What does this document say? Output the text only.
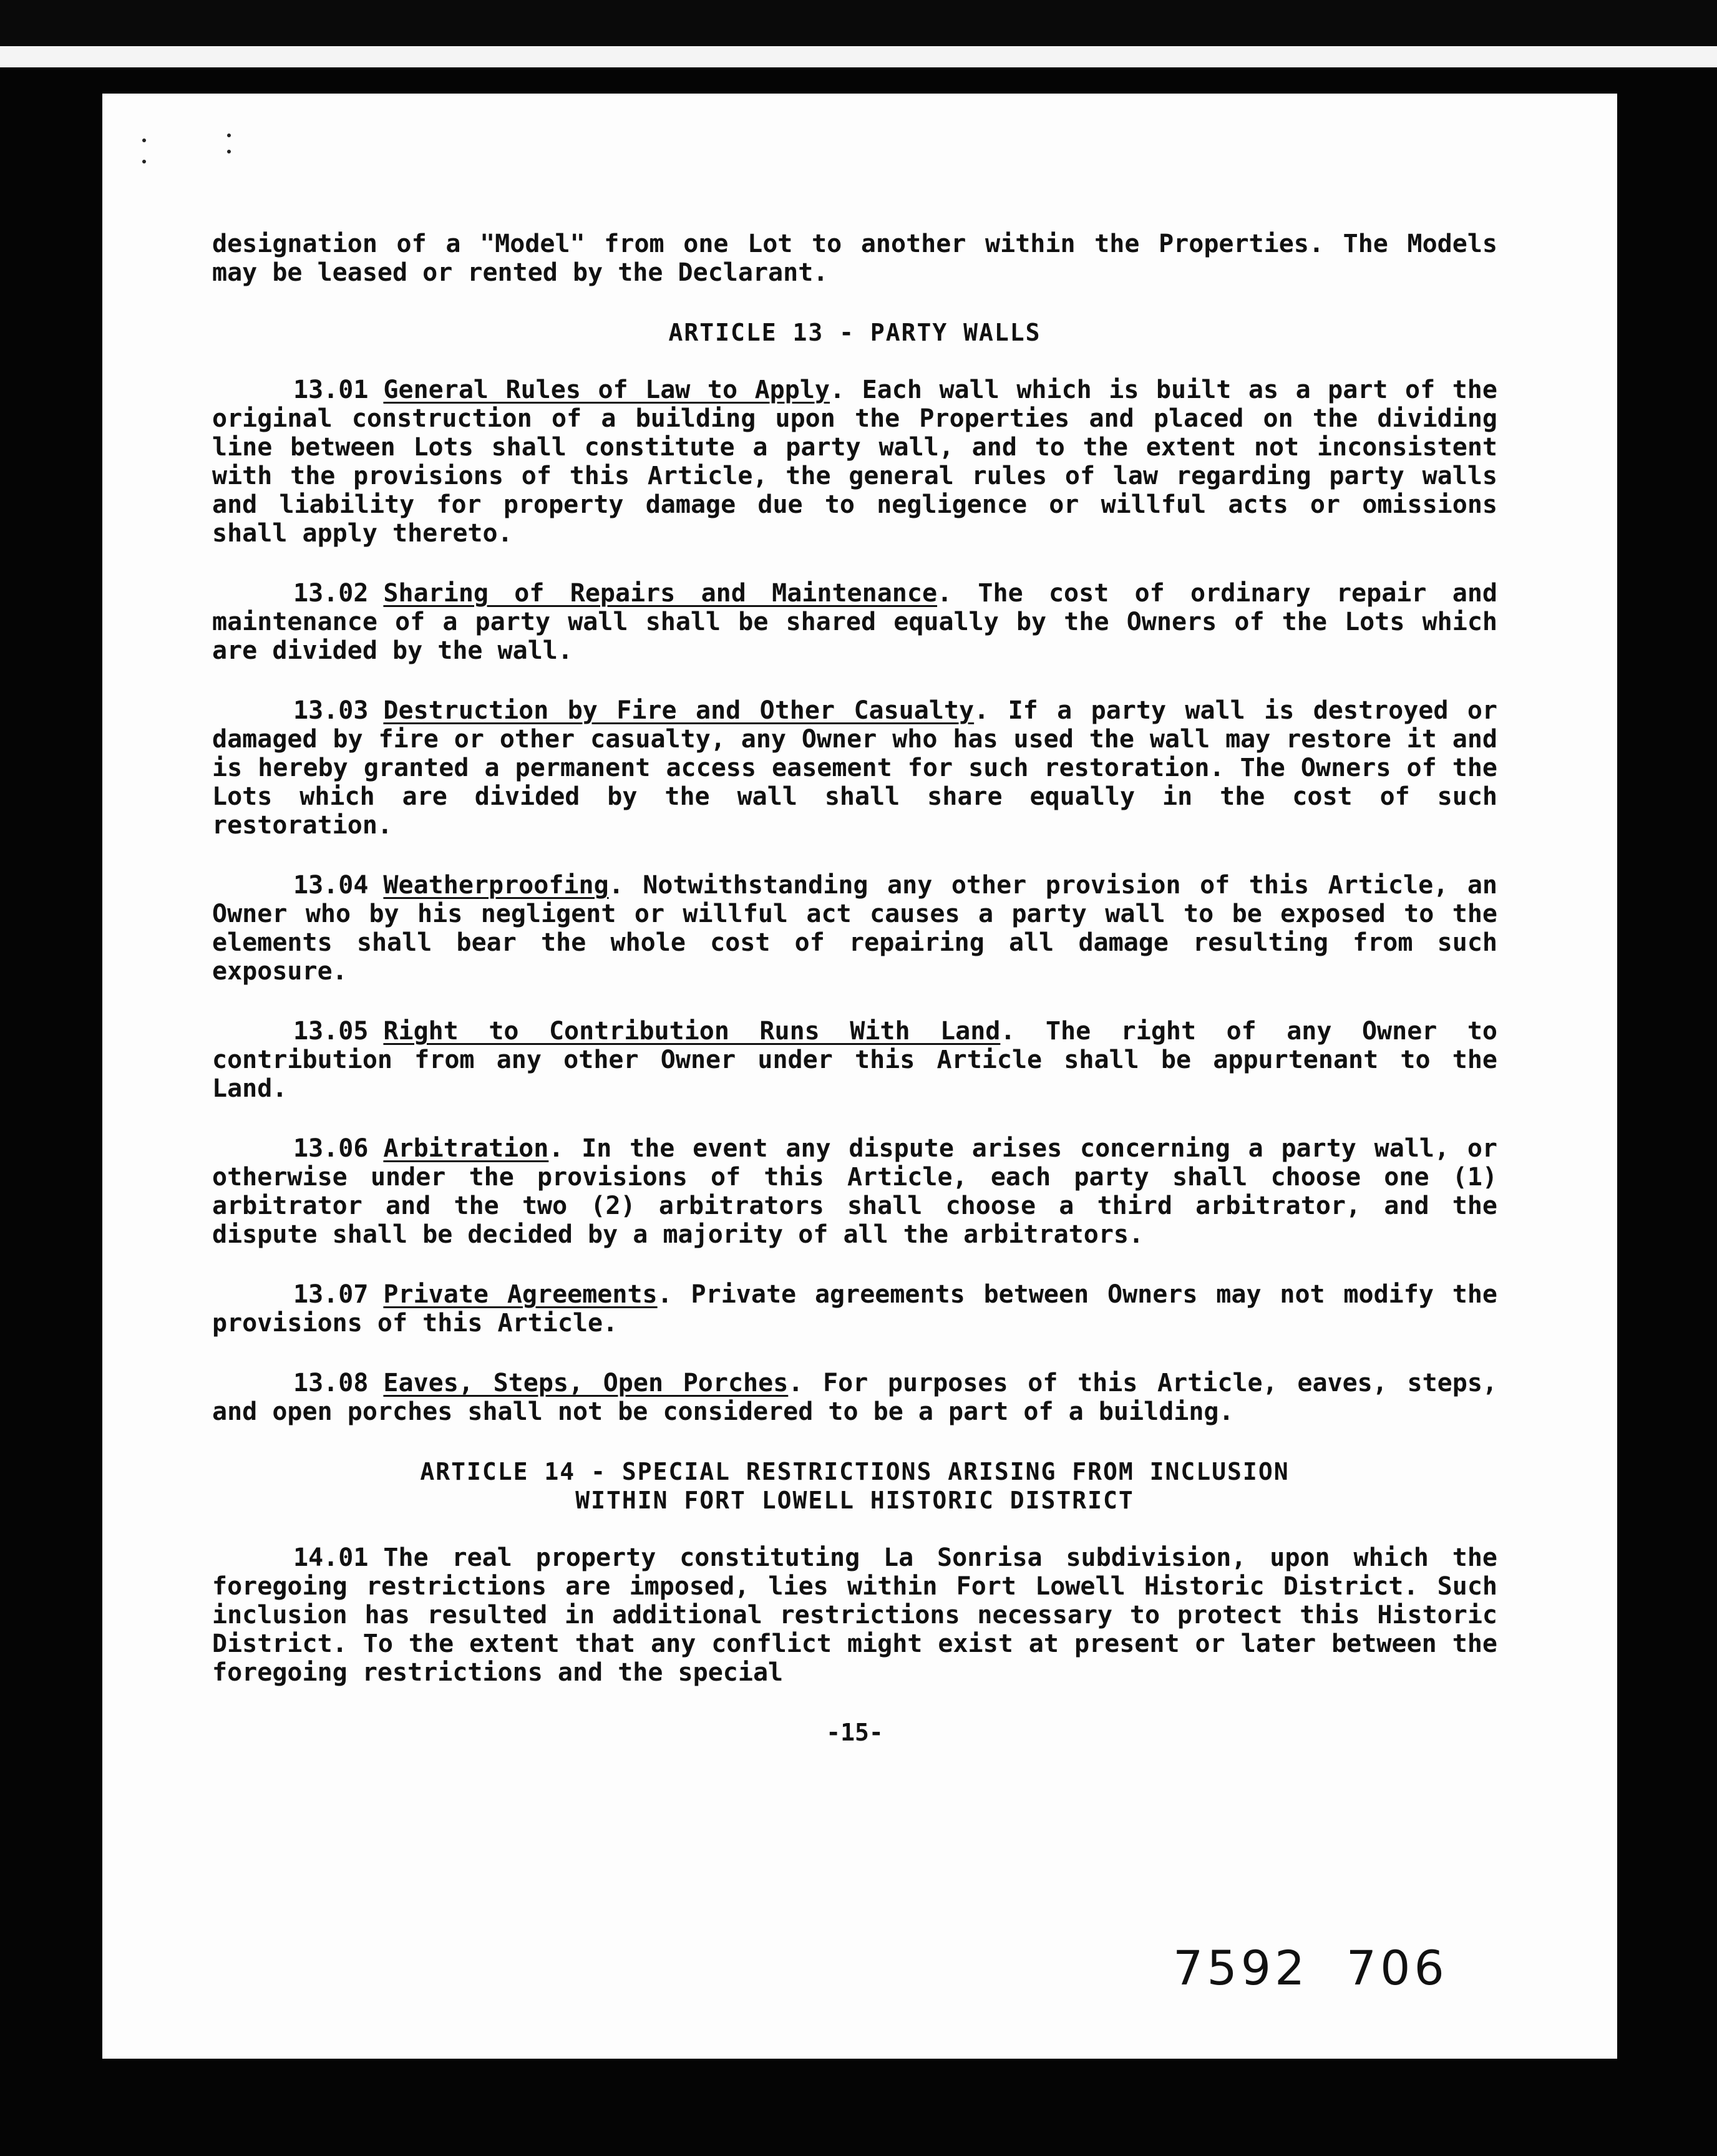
designation of a "Model" from one Lot to another within the Properties. The Models may be leased or rented by the Declarant.

ARTICLE 13 - PARTY WALLS

13.01 General Rules of Law to Apply. Each wall which is built as a part of the original construction of a building upon the Properties and placed on the dividing line between Lots shall constitute a party wall, and to the extent not inconsistent with the provisions of this Article, the general rules of law regarding party walls and liability for property damage due to negligence or willful acts or omissions shall apply thereto.

13.02 Sharing of Repairs and Maintenance. The cost of ordinary repair and maintenance of a party wall shall be shared equally by the Owners of the Lots which are divided by the wall.

13.03 Destruction by Fire and Other Casualty. If a party wall is destroyed or damaged by fire or other casualty, any Owner who has used the wall may restore it and is hereby granted a permanent access easement for such restoration. The Owners of the Lots which are divided by the wall shall share equally in the cost of such restoration.

13.04 Weatherproofing. Notwithstanding any other provision of this Article, an Owner who by his negligent or willful act causes a party wall to be exposed to the elements shall bear the whole cost of repairing all damage resulting from such exposure.

13.05 Right to Contribution Runs With Land. The right of any Owner to contribution from any other Owner under this Article shall be appurtenant to the Land.

13.06 Arbitration. In the event any dispute arises concerning a party wall, or otherwise under the provisions of this Article, each party shall choose one (1) arbitrator and the two (2) arbitrators shall choose a third arbitrator, and the dispute shall be decided by a majority of all the arbitrators.

13.07 Private Agreements. Private agreements between Owners may not modify the provisions of this Article.

13.08 Eaves, Steps, Open Porches. For purposes of this Article, eaves, steps, and open porches shall not be considered to be a part of a building.

ARTICLE 14 - SPECIAL RESTRICTIONS ARISING FROM INCLUSION
WITHIN FORT LOWELL HISTORIC DISTRICT

14.01 The real property constituting La Sonrisa subdivision, upon which the foregoing restrictions are imposed, lies within Fort Lowell Historic District. Such inclusion has resulted in additional restrictions necessary to protect this Historic District. To the extent that any conflict might exist at present or later between the foregoing restrictions and the special

-15-
7592  706
